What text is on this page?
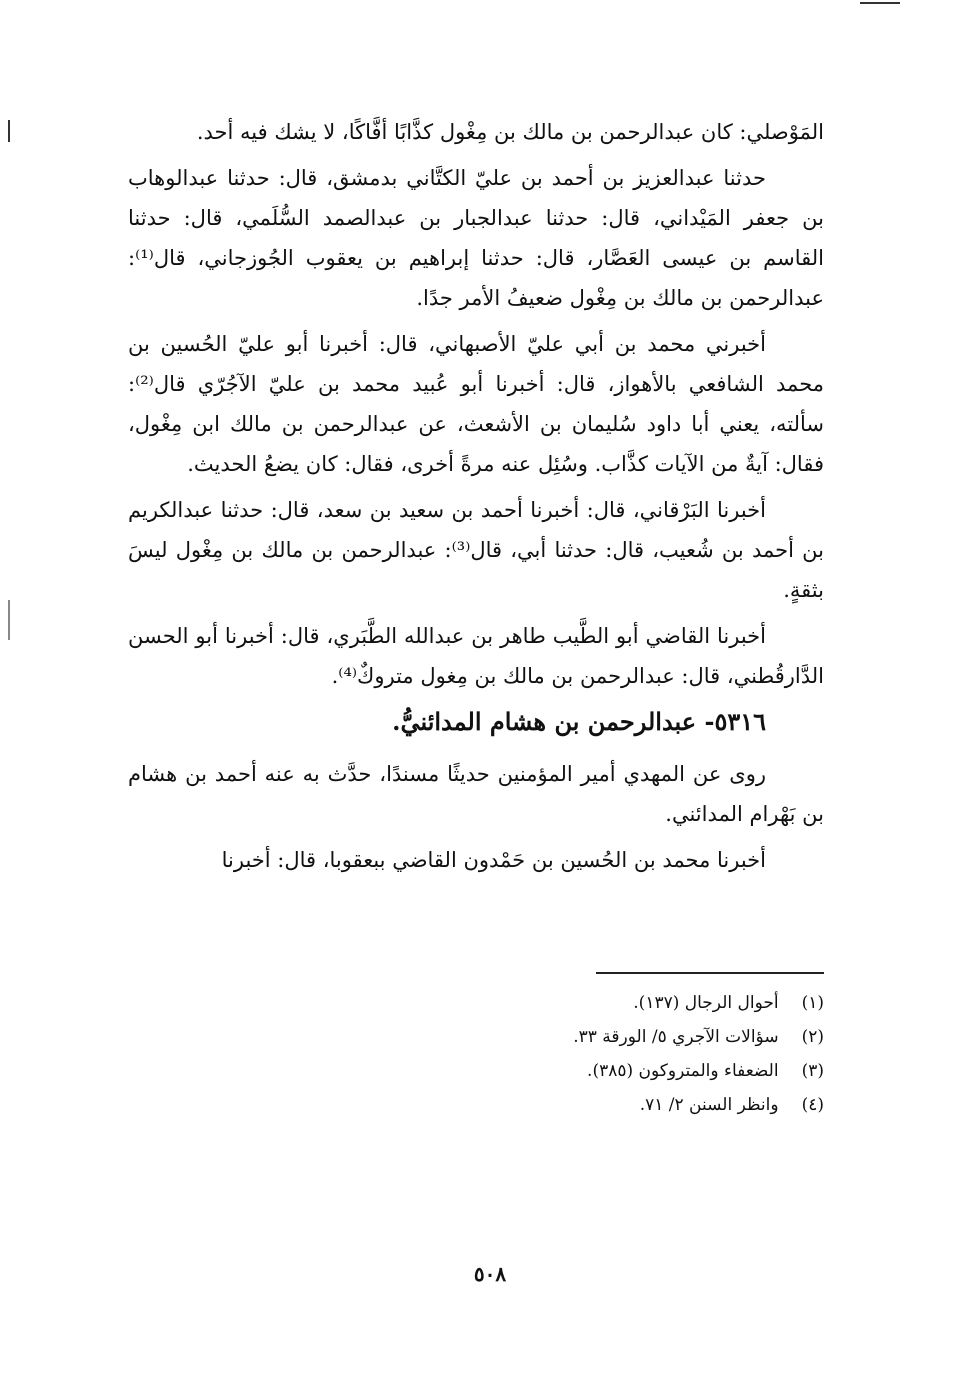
المَوْصلي: كان عبدالرحمن بن مالك بن مِغْول كذَّابًا أفَّاكًا، لا يشك فيه أحد.

حدثنا عبدالعزيز بن أحمد بن عليّ الكتَّاني بدمشق، قال: حدثنا عبدالوهاب بن جعفر المَيْداني، قال: حدثنا عبدالجبار بن عبدالصمد السُّلَمي، قال: حدثنا القاسم بن عيسى العَصَّار، قال: حدثنا إبراهيم بن يعقوب الجُوزجاني، قال⁽¹⁾: عبدالرحمن بن مالك بن مِغْول ضعيفُ الأمر جدًا.

أخبرني محمد بن أبي عليّ الأصبهاني، قال: أخبرنا أبو عليّ الحُسين بن محمد الشافعي بالأهواز، قال: أخبرنا أبو عُبيد محمد بن عليّ الآجُرّي قال⁽²⁾: سألته، يعني أبا داود سُليمان بن الأشعث، عن عبدالرحمن بن مالك ابن مِغْول، فقال: آيةٌ من الآيات كذَّاب. وسُئِل عنه مرةً أخرى، فقال: كان يضعُ الحديث.

أخبرنا البَرْقاني، قال: أخبرنا أحمد بن سعيد بن سعد، قال: حدثنا عبدالكريم بن أحمد بن شُعيب، قال: حدثنا أبي، قال⁽³⁾: عبدالرحمن بن مالك بن مِغْول ليسَ بثقةٍ.

أخبرنا القاضي أبو الطَّيب طاهر بن عبدالله الطَّبَري، قال: أخبرنا أبو الحسن الدَّارقُطني، قال: عبدالرحمن بن مالك بن مِغول متروكٌ⁽⁴⁾.

٥٣١٦- عبدالرحمن بن هشام المدائنيُّ.

روى عن المهدي أمير المؤمنين حديثًا مسندًا، حدَّث به عنه أحمد بن هشام بن بَهْرام المدائني.

أخبرنا محمد بن الحُسين بن حَمْدون القاضي ببعقوبا، قال: أخبرنا

(١) أحوال الرجال (١٣٧).

(٢) سؤالات الآجري ٥/ الورقة ٣٣.

(٣) الضعفاء والمتروكون (٣٨٥).

(٤) وانظر السنن ٢/ ٧١.

٥٠٨
